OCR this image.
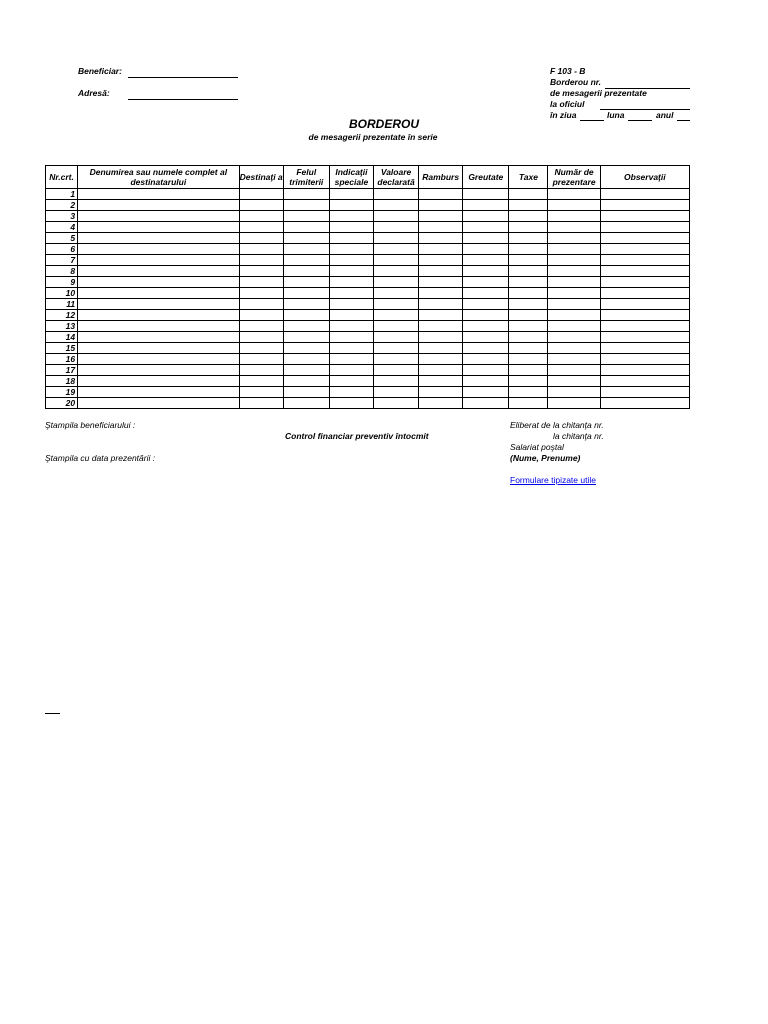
Beneficiar:
Adresă:
F 103 - B
Borderou nr.
de mesagerii prezentate
la oficiul
în ziua	luna	anul
BORDEROU
de mesagerii prezentate în serie
Nr.crt.	Denumirea sau numele complet al destinatarului	Destinaţi a	Felul trimiterii	Indicaţii speciale	Valoare declarată	Ramburs	Greutate	Taxe	Număr de prezentare	Observaţii
1										
2										
3										
4										
5										
6										
7										
8										
9										
10										
11										
12										
13										
14										
15										
16										
17										
18										
19										
20										
Ştampila beneficiarului :
Control financiar preventiv întocmit
Ştampila cu data prezentării :
Eliberat de la chitanţa nr.
la chitanţa nr.
Salariat poştal
(Nume, Prenume)
Formulare tipizate utile
